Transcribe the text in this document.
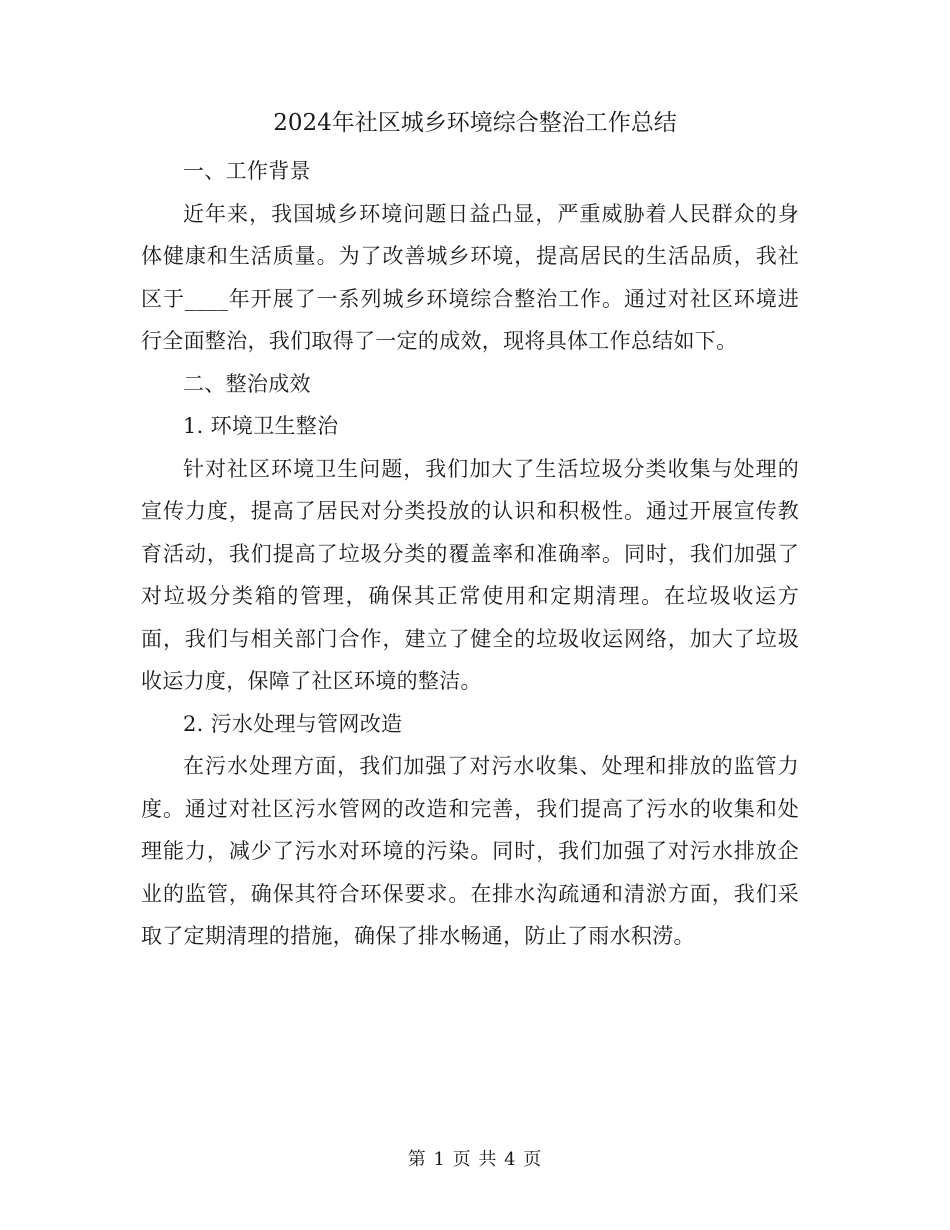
2024年社区城乡环境综合整治工作总结

一、工作背景

近年来，我国城乡环境问题日益凸显，严重威胁着人民群众的身体健康和生活质量。为了改善城乡环境，提高居民的生活品质，我社区于____年开展了一系列城乡环境综合整治工作。通过对社区环境进行全面整治，我们取得了一定的成效，现将具体工作总结如下。

二、整治成效

1. 环境卫生整治

针对社区环境卫生问题，我们加大了生活垃圾分类收集与处理的宣传力度，提高了居民对分类投放的认识和积极性。通过开展宣传教育活动，我们提高了垃圾分类的覆盖率和准确率。同时，我们加强了对垃圾分类箱的管理，确保其正常使用和定期清理。在垃圾收运方面，我们与相关部门合作，建立了健全的垃圾收运网络，加大了垃圾收运力度，保障了社区环境的整洁。

2. 污水处理与管网改造

在污水处理方面，我们加强了对污水收集、处理和排放的监管力度。通过对社区污水管网的改造和完善，我们提高了污水的收集和处理能力，减少了污水对环境的污染。同时，我们加强了对污水排放企业的监管，确保其符合环保要求。在排水沟疏通和清淤方面，我们采取了定期清理的措施，确保了排水畅通，防止了雨水积涝。

第 1 页 共 4 页
